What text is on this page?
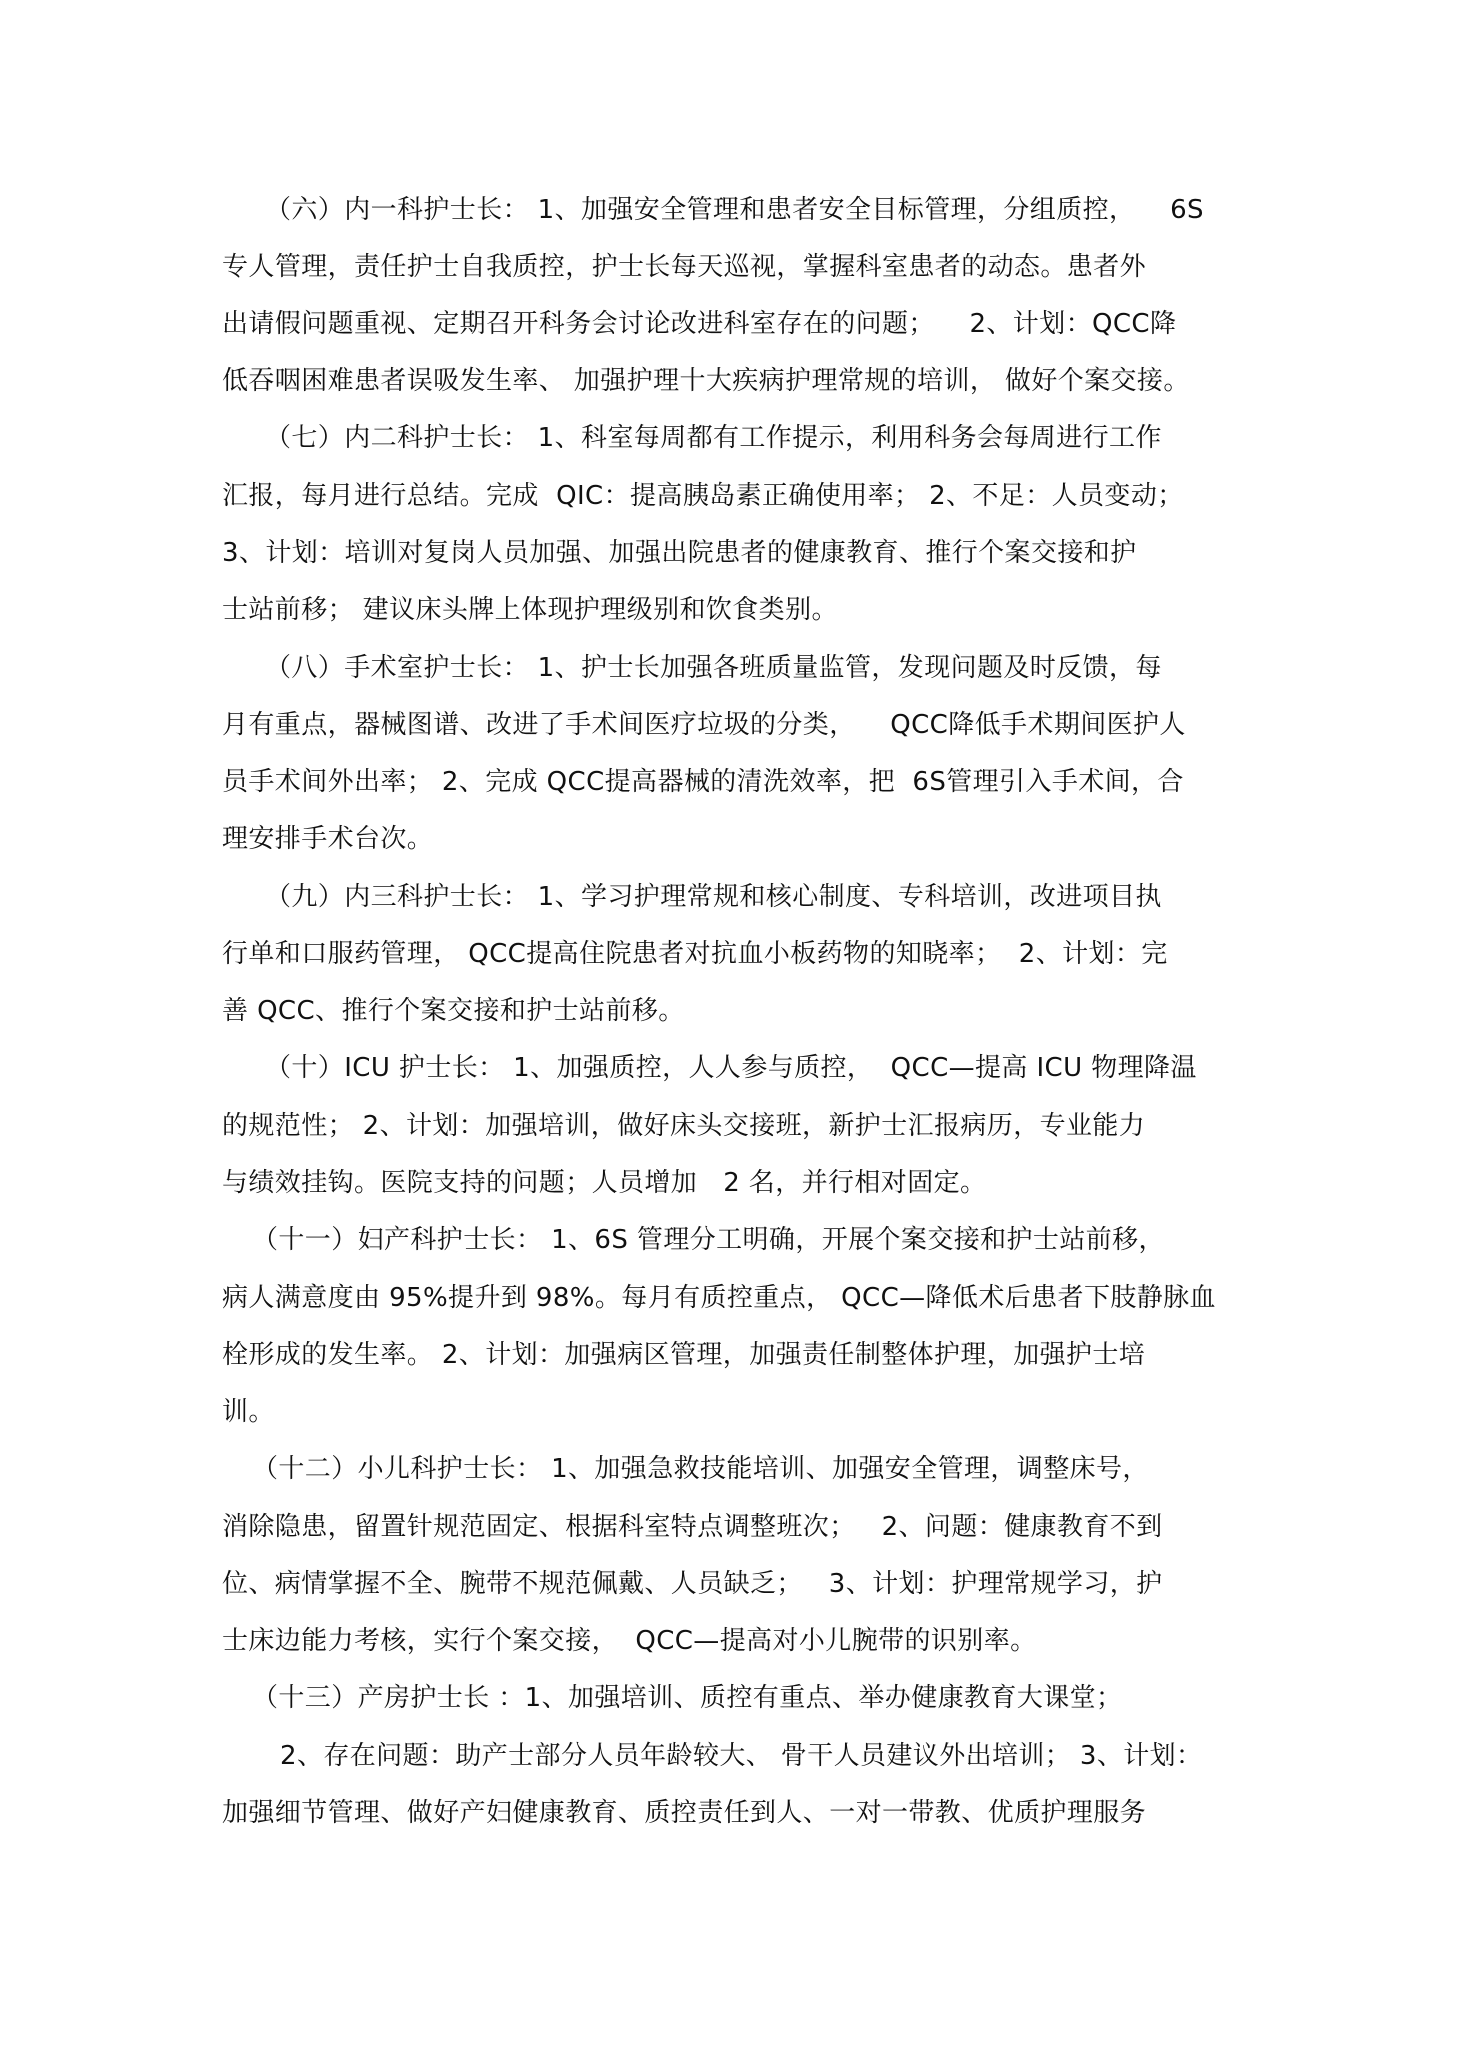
（六）内一科护士长： 1、加强安全管理和患者安全目标管理，分组质控，    6S
专人管理，责任护士自我质控，护士长每天巡视，掌握科室患者的动态。患者外
出请假问题重视、定期召开科务会讨论改进科室存在的问题；    2、计划：QCC降
低吞咽困难患者误吸发生率、 加强护理十大疾病护理常规的培训， 做好个案交接。
（七）内二科护士长： 1、科室每周都有工作提示，利用科务会每周进行工作
汇报，每月进行总结。完成  QIC：提高胰岛素正确使用率； 2、不足：人员变动；
3、计划：培训对复岗人员加强、加强出院患者的健康教育、推行个案交接和护
士站前移； 建议床头牌上体现护理级别和饮食类别。
（八）手术室护士长： 1、护士长加强各班质量监管，发现问题及时反馈，每
月有重点，器械图谱、改进了手术间医疗垃圾的分类，    QCC降低手术期间医护人
员手术间外出率； 2、完成 QCC提高器械的清洗效率，把  6S管理引入手术间，合
理安排手术台次。
（九）内三科护士长： 1、学习护理常规和核心制度、专科培训，改进项目执
行单和口服药管理， QCC提高住院患者对抗血小板药物的知晓率；  2、计划：完
善 QCC、推行个案交接和护士站前移。
（十）ICU 护士长： 1、加强质控，人人参与质控，  QCC—提高 ICU 物理降温
的规范性； 2、计划：加强培训，做好床头交接班，新护士汇报病历，专业能力
与绩效挂钩。医院支持的问题；人员增加   2 名，并行相对固定。
（十一）妇产科护士长： 1、6S 管理分工明确，开展个案交接和护士站前移，
病人满意度由 95%提升到 98%。每月有质控重点， QCC—降低术后患者下肢静脉血
栓形成的发生率。 2、计划：加强病区管理，加强责任制整体护理，加强护士培
训。
（十二）小儿科护士长： 1、加强急救技能培训、加强安全管理，调整床号，
消除隐患，留置针规范固定、根据科室特点调整班次；   2、问题：健康教育不到
位、病情掌握不全、腕带不规范佩戴、人员缺乏；   3、计划：护理常规学习，护
士床边能力考核，实行个案交接，  QCC—提高对小儿腕带的识别率。
（十三）产房护士长 ：1、加强培训、质控有重点、举办健康教育大课堂；
2、存在问题：助产士部分人员年龄较大、 骨干人员建议外出培训； 3、计划：
加强细节管理、做好产妇健康教育、质控责任到人、一对一带教、优质护理服务
